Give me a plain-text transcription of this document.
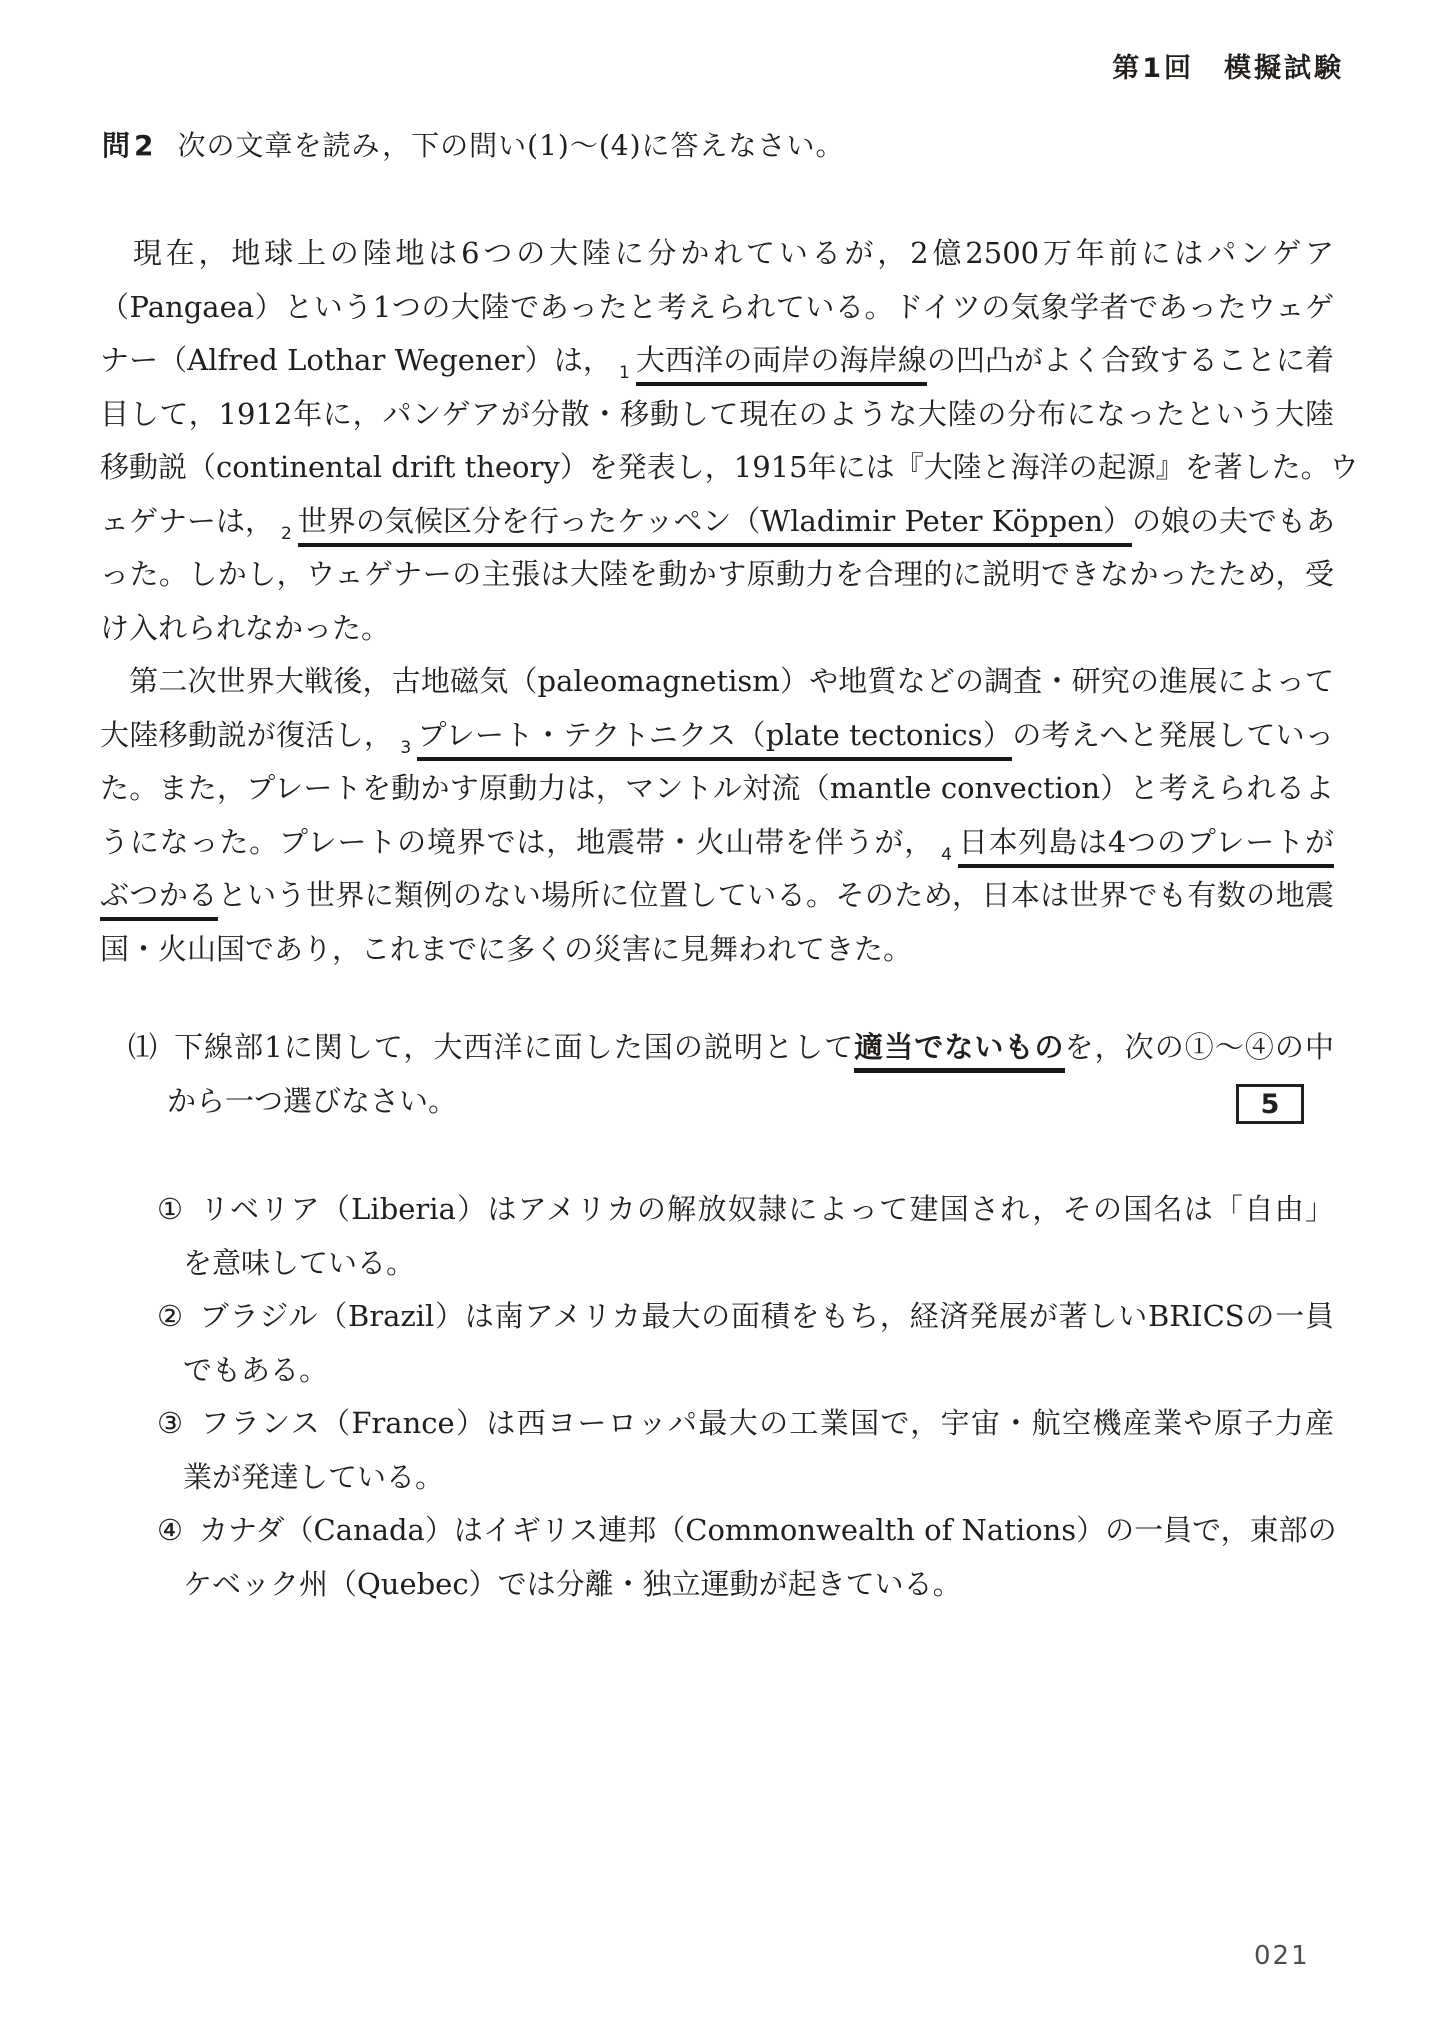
第1回　模擬試験
問2 次の文章を読み，下の問い(1)～(4)に答えなさい。
　現在，地球上の陸地は6つの大陸に分かれているが，2億2500万年前にはパンゲア
（Pangaea）という1つの大陸であったと考えられている。ドイツの気象学者であったウェゲ
ナー（Alfred Lothar Wegener）は， $_1$ 大西洋の両岸の海岸線の凹凸がよく合致することに着
目して，1912年に，パンゲアが分散・移動して現在のような大陸の分布になったという大陸
移動説（continental drift theory）を発表し，1915年には『大陸と海洋の起源』を著した。ウ
ェゲナーは， $_2$ 世界の気候区分を行ったケッペン（Wladimir Peter Köppen）の娘の夫でもあ
った。しかし，ウェゲナーの主張は大陸を動かす原動力を合理的に説明できなかったため，受
け入れられなかった。
　第二次世界大戦後，古地磁気（paleomagnetism）や地質などの調査・研究の進展によって
大陸移動説が復活し， $_3$ プレート・テクトニクス（plate tectonics）の考えへと発展していっ
た。また，プレートを動かす原動力は，マントル対流（mantle convection）と考えられるよ
うになった。プレートの境界では，地震帯・火山帯を伴うが， $_4$ 日本列島は4つのプレートが
ぶつかるという世界に類例のない場所に位置している。そのため，日本は世界でも有数の地震
国・火山国であり，これまでに多くの災害に見舞われてきた。
⑴ 下線部1に関して，大西洋に面した国の説明として適当でないものを，次の①～④の中
から一つ選びなさい。	5
① リベリア（Liberia）はアメリカの解放奴隷によって建国され，その国名は「自由」
を意味している。
② ブラジル（Brazil）は南アメリカ最大の面積をもち，経済発展が著しいBRICSの一員
でもある。
③ フランス（France）は西ヨーロッパ最大の工業国で，宇宙・航空機産業や原子力産
業が発達している。
④ カナダ（Canada）はイギリス連邦（Commonwealth of Nations）の一員で，東部の
ケベック州（Quebec）では分離・独立運動が起きている。
021
